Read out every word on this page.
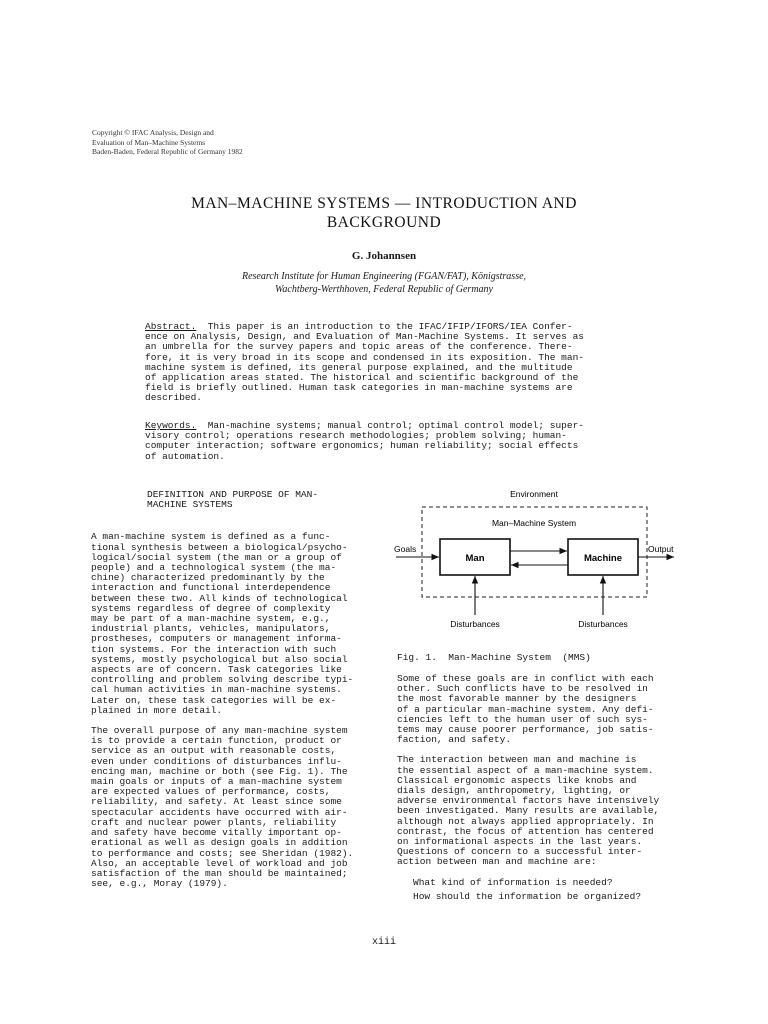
Copyright © IFAC Analysis, Design and
Evaluation of Man–Machine Systems
Baden-Baden, Federal Republic of Germany 1982
MAN–MACHINE SYSTEMS — INTRODUCTION AND
BACKGROUND
G. Johannsen
Research Institute for Human Engineering (FGAN/FAT), Königstrasse,
Wachtberg-Werthhoven, Federal Republic of Germany
Abstract. This paper is an introduction to the IFAC/IFIP/IFORS/IEA Confer-
ence on Analysis, Design, and Evaluation of Man-Machine Systems. It serves as
an umbrella for the survey papers and topic areas of the conference. There-
fore, it is very broad in its scope and condensed in its exposition. The man-
machine system is defined, its general purpose explained, and the multitude
of application areas stated. The historical and scientific background of the
field is briefly outlined. Human task categories in man-machine systems are
described.
Keywords. Man-machine systems; manual control; optimal control model; super-
visory control; operations research methodologies; problem solving; human-
computer interaction; software ergonomics; human reliability; social effects
of automation.
DEFINITION AND PURPOSE OF MAN-
MACHINE SYSTEMS
A man-machine system is defined as a func-
tional synthesis between a biological/psycho-
logical/social system (the man or a group of
people) and a technological system (the ma-
chine) characterized predominantly by the
interaction and functional interdependence
between these two. All kinds of technological
systems regardless of degree of complexity
may be part of a man-machine system, e.g.,
industrial plants, vehicles, manipulators,
prostheses, computers or management informa-
tion systems. For the interaction with such
systems, mostly psychological but also social
aspects are of concern. Task categories like
controlling and problem solving describe typi-
cal human activities in man-machine systems.
Later on, these task categories will be ex-
plained in more detail.
The overall purpose of any man-machine system
is to provide a certain function, product or
service as an output with reasonable costs,
even under conditions of disturbances influ-
encing man, machine or both (see Fig. 1). The
main goals or inputs of a man-machine system
are expected values of performance, costs,
reliability, and safety. At least since some
spectacular accidents have occurred with air-
craft and nuclear power plants, reliability
and safety have become vitally important op-
erational as well as design goals in addition
to performance and costs; see Sheridan (1982).
Also, an acceptable level of workload and job
satisfaction of the man should be maintained;
see, e.g., Moray (1979).
Environment
Man–Machine System
Man	Machine
Goals	Output
Disturbances	Disturbances
Fig. 1.  Man-Machine System  (MMS)
Some of these goals are in conflict with each
other. Such conflicts have to be resolved in
the most favorable manner by the designers
of a particular man-machine system. Any defi-
ciencies left to the human user of such sys-
tems may cause poorer performance, job satis-
faction, and safety.
The interaction between man and machine is
the essential aspect of a man-machine system.
Classical ergonomic aspects like knobs and
dials design, anthropometry, lighting, or
adverse environmental factors have intensively
been investigated. Many results are available,
although not always applied appropriately. In
contrast, the focus of attention has centered
on informational aspects in the last years.
Questions of concern to a successful inter-
action between man and machine are:
What kind of information is needed?
How should the information be organized?
xiii
